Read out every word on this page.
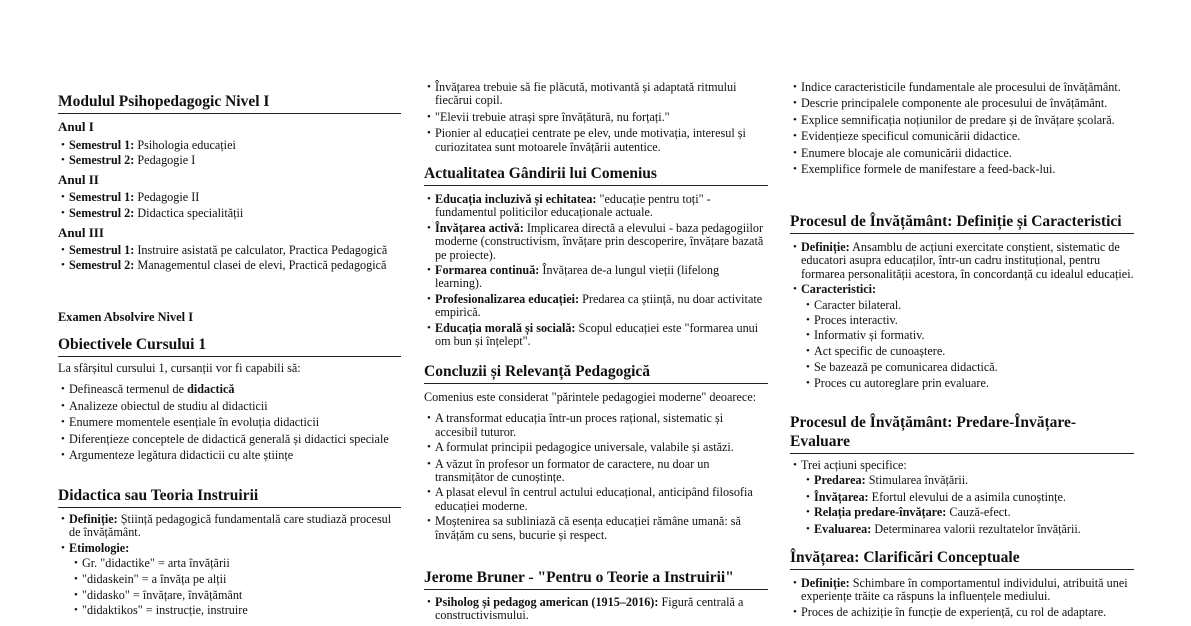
Modulul Psihopedagogic Nivel I
Anul I
• Semestrul 1: Psihologia educației
• Semestrul 2: Pedagogie I
Anul II
• Semestrul 1: Pedagogie II
• Semestrul 2: Didactica specialității
Anul III
• Semestrul 1: Instruire asistată pe calculator, Practica Pedagogică
• Semestrul 2: Managementul clasei de elevi, Practică pedagogică
Examen Absolvire Nivel I
Obiectivele Cursului 1

La sfârșitul cursului 1, cursanții vor fi capabili să:

• Definească termenul de didactică
• Analizeze obiectul de studiu al didacticii
• Enumere momentele esențiale în evoluția didacticii
• Diferențieze conceptele de didactică generală și didactici speciale
• Argumenteze legătura didacticii cu alte științe
Didactica sau Teoria Instruirii
• Definiție: Știință pedagogică fundamentală care studiază procesul de învățământ.
• Etimologie:
• Gr. "didactike" = arta învățării
• "didaskein" = a învăța pe alții
• "didasko" = învățare, învățământ
• "didaktikos" = instrucție, instruire
• Învățarea trebuie să fie plăcută, motivantă și adaptată ritmului fiecărui copil.
• "Elevii trebuie atrași spre învățătură, nu forțați."
• Pionier al educației centrate pe elev, unde motivația, interesul și curiozitatea sunt motoarele învățării autentice.
Actualitatea Gândirii lui Comenius
• Educația incluzivă și echitatea: "educație pentru toți" - fundamentul politicilor educaționale actuale.
• Învățarea activă: Implicarea directă a elevului - baza pedagogiilor moderne (constructivism, învățare prin descoperire, învățare bazată pe proiecte).
• Formarea continuă: Învățarea de-a lungul vieții (lifelong learning).
• Profesionalizarea educației: Predarea ca știință, nu doar activitate empirică.
• Educația morală și socială: Scopul educației este "formarea unui om bun și înțelept".
Concluzii și Relevanță Pedagogică

Comenius este considerat "părintele pedagogiei moderne" deoarece:

• A transformat educația într-un proces rațional, sistematic și accesibil tuturor.
• A formulat principii pedagogice universale, valabile și astăzi.
• A văzut în profesor un formator de caractere, nu doar un transmițător de cunoștințe.
• A plasat elevul în centrul actului educațional, anticipând filosofia educației moderne.
• Moștenirea sa subliniază că esența educației rămâne umană: să învățăm cu sens, bucurie și respect.
Jerome Bruner - "Pentru o Teorie a Instruirii"
• Psiholog și pedagog american (1915–2016): Figură centrală a constructivismului.
• Indice caracteristicile fundamentale ale procesului de învățământ.
• Descrie principalele componente ale procesului de învățământ.
• Explice semnificația noțiunilor de predare și de învățare școlară.
• Evidențieze specificul comunicării didactice.
• Enumere blocaje ale comunicării didactice.
• Exemplifice formele de manifestare a feed-back-lui.
Procesul de Învățământ: Definiție și Caracteristici
• Definiție: Ansamblu de acțiuni exercitate conștient, sistematic de educatori asupra educaților, într-un cadru instituțional, pentru formarea personalității acestora, în concordanță cu idealul educației.
• Caracteristici:
• Caracter bilateral.
• Proces interactiv.
• Informativ și formativ.
• Act specific de cunoaștere.
• Se bazează pe comunicarea didactică.
• Proces cu autoreglare prin evaluare.
Procesul de Învățământ: Predare-Învățare-Evaluare
• Trei acțiuni specifice:
• Predarea: Stimularea învățării.
• Învățarea: Efortul elevului de a asimila cunoștințe.
• Relația predare-învățare: Cauză-efect.
• Evaluarea: Determinarea valorii rezultatelor învățării.
Învățarea: Clarificări Conceptuale
• Definiție: Schimbare în comportamentul individului, atribuită unei experiențe trăite ca răspuns la influențele mediului.
• Proces de achiziție în funcție de experiență, cu rol de adaptare.
